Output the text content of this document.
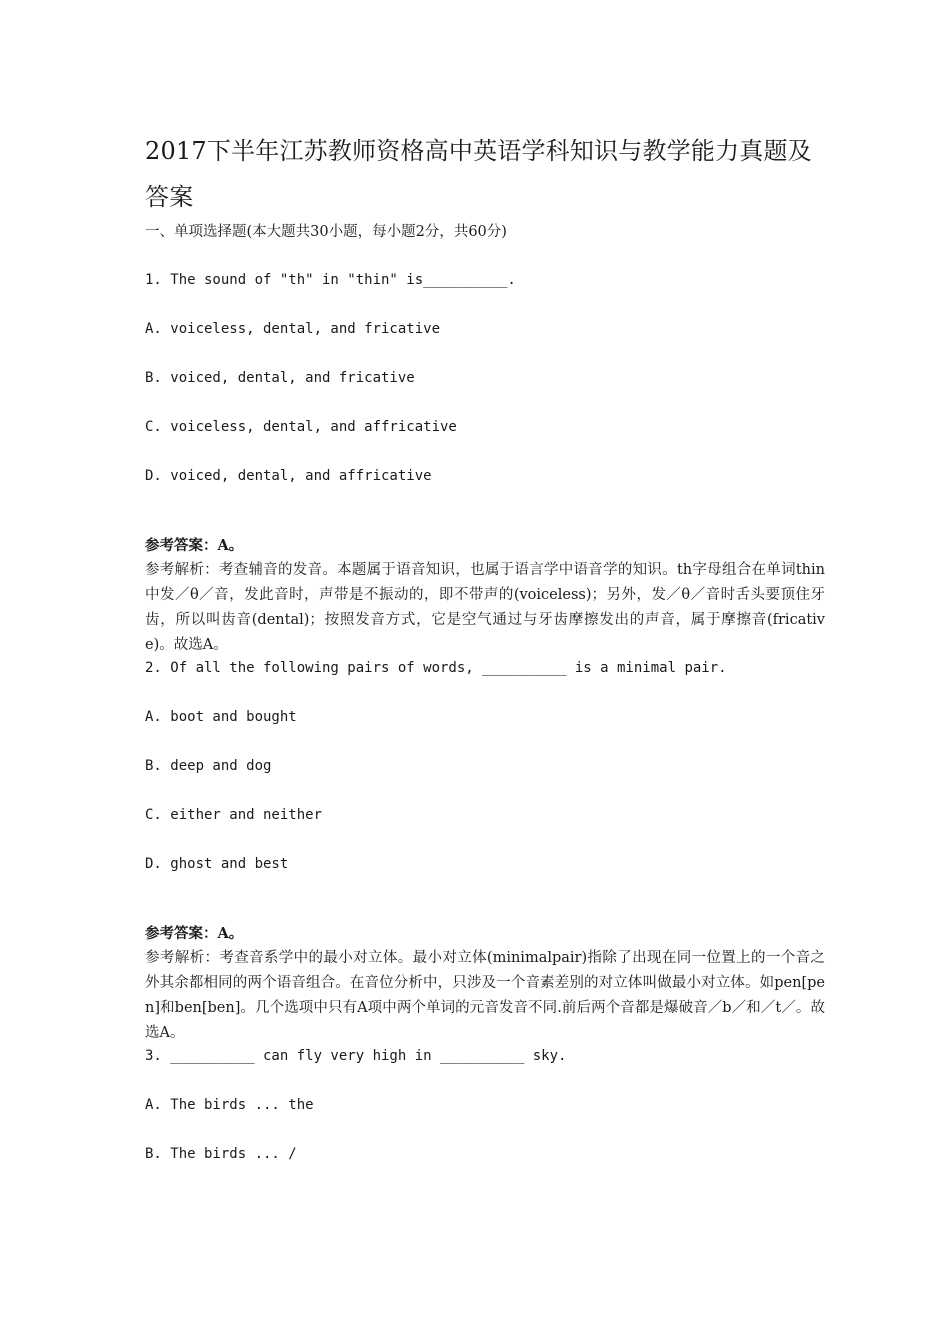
2017下半年江苏教师资格高中英语学科知识与教学能力真题及答案
一、单项选择题(本大题共30小题，每小题2分，共60分)
1. The sound of "th" in "thin" is__________.
A. voiceless, dental, and fricative
B. voiced, dental, and fricative
C. voiceless, dental, and affricative
D. voiced, dental, and affricative
参考答案：A。
参考解析：考查辅音的发音。本题属于语音知识，也属于语言学中语音学的知识。th字母组合在单词thin中发／θ／音，发此音时，声带是不振动的，即不带声的(voiceless)；另外，发／θ／音时舌头要顶住牙齿，所以叫齿音(dental)；按照发音方式，它是空气通过与牙齿摩擦发出的声音，属于摩擦音(fricative)。故选A。
2. Of all the following pairs of words, __________ is a minimal pair.
A. boot and bought
B. deep and dog
C. either and neither
D. ghost and best
参考答案：A。
参考解析：考查音系学中的最小对立体。最小对立体(minimalpair)指除了出现在同一位置上的一个音之外其余都相同的两个语音组合。在音位分析中，只涉及一个音素差别的对立体叫做最小对立体。如pen[pen]和ben[ben]。几个选项中只有A项中两个单词的元音发音不同.前后两个音都是爆破音／b／和／t／。故选A。
3. __________ can fly very high in __________ sky.
A. The birds ... the
B. The birds ... /
